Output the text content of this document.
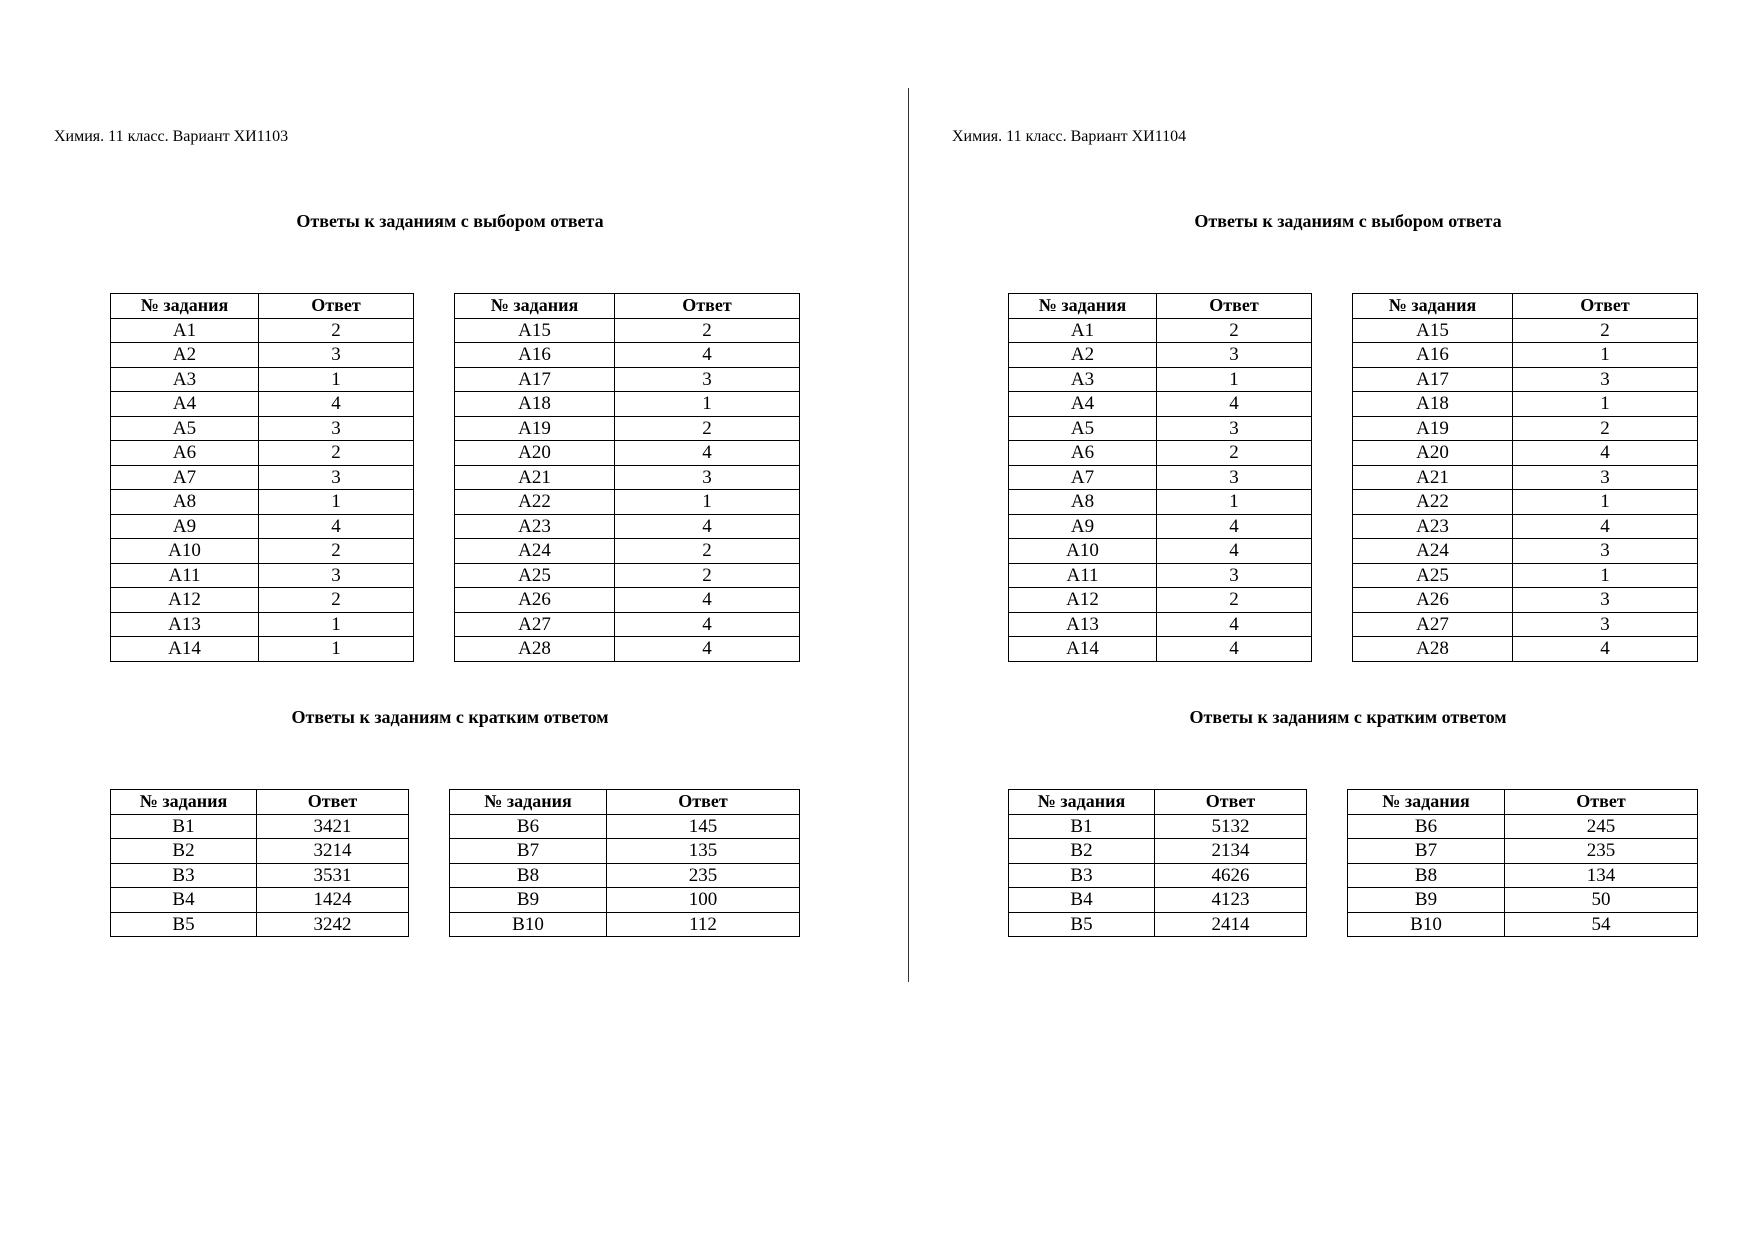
Химия. 11 класс. Вариант ХИ1103
Ответы к заданиям с выбором ответа
№ задания	Ответ
А1	2
А2	3
А3	1
А4	4
А5	3
А6	2
А7	3
А8	1
А9	4
А10	2
А11	3
А12	2
А13	1
А14	1
№ задания	Ответ
А15	2
А16	4
А17	3
А18	1
А19	2
А20	4
А21	3
А22	1
А23	4
А24	2
А25	2
А26	4
А27	4
А28	4
Ответы к заданиям с кратким ответом
№ задания	Ответ
В1	3421
В2	3214
В3	3531
В4	1424
В5	3242
№ задания	Ответ
В6	145
В7	135
В8	235
В9	100
В10	112
Химия. 11 класс. Вариант ХИ1104
Ответы к заданиям с выбором ответа
№ задания	Ответ
А1	2
А2	3
А3	1
А4	4
А5	3
А6	2
А7	3
А8	1
А9	4
А10	4
А11	3
А12	2
А13	4
А14	4
№ задания	Ответ
А15	2
А16	1
А17	3
А18	1
А19	2
А20	4
А21	3
А22	1
А23	4
А24	3
А25	1
А26	3
А27	3
А28	4
Ответы к заданиям с кратким ответом
№ задания	Ответ
В1	5132
В2	2134
В3	4626
В4	4123
В5	2414
№ задания	Ответ
В6	245
В7	235
В8	134
В9	50
В10	54
